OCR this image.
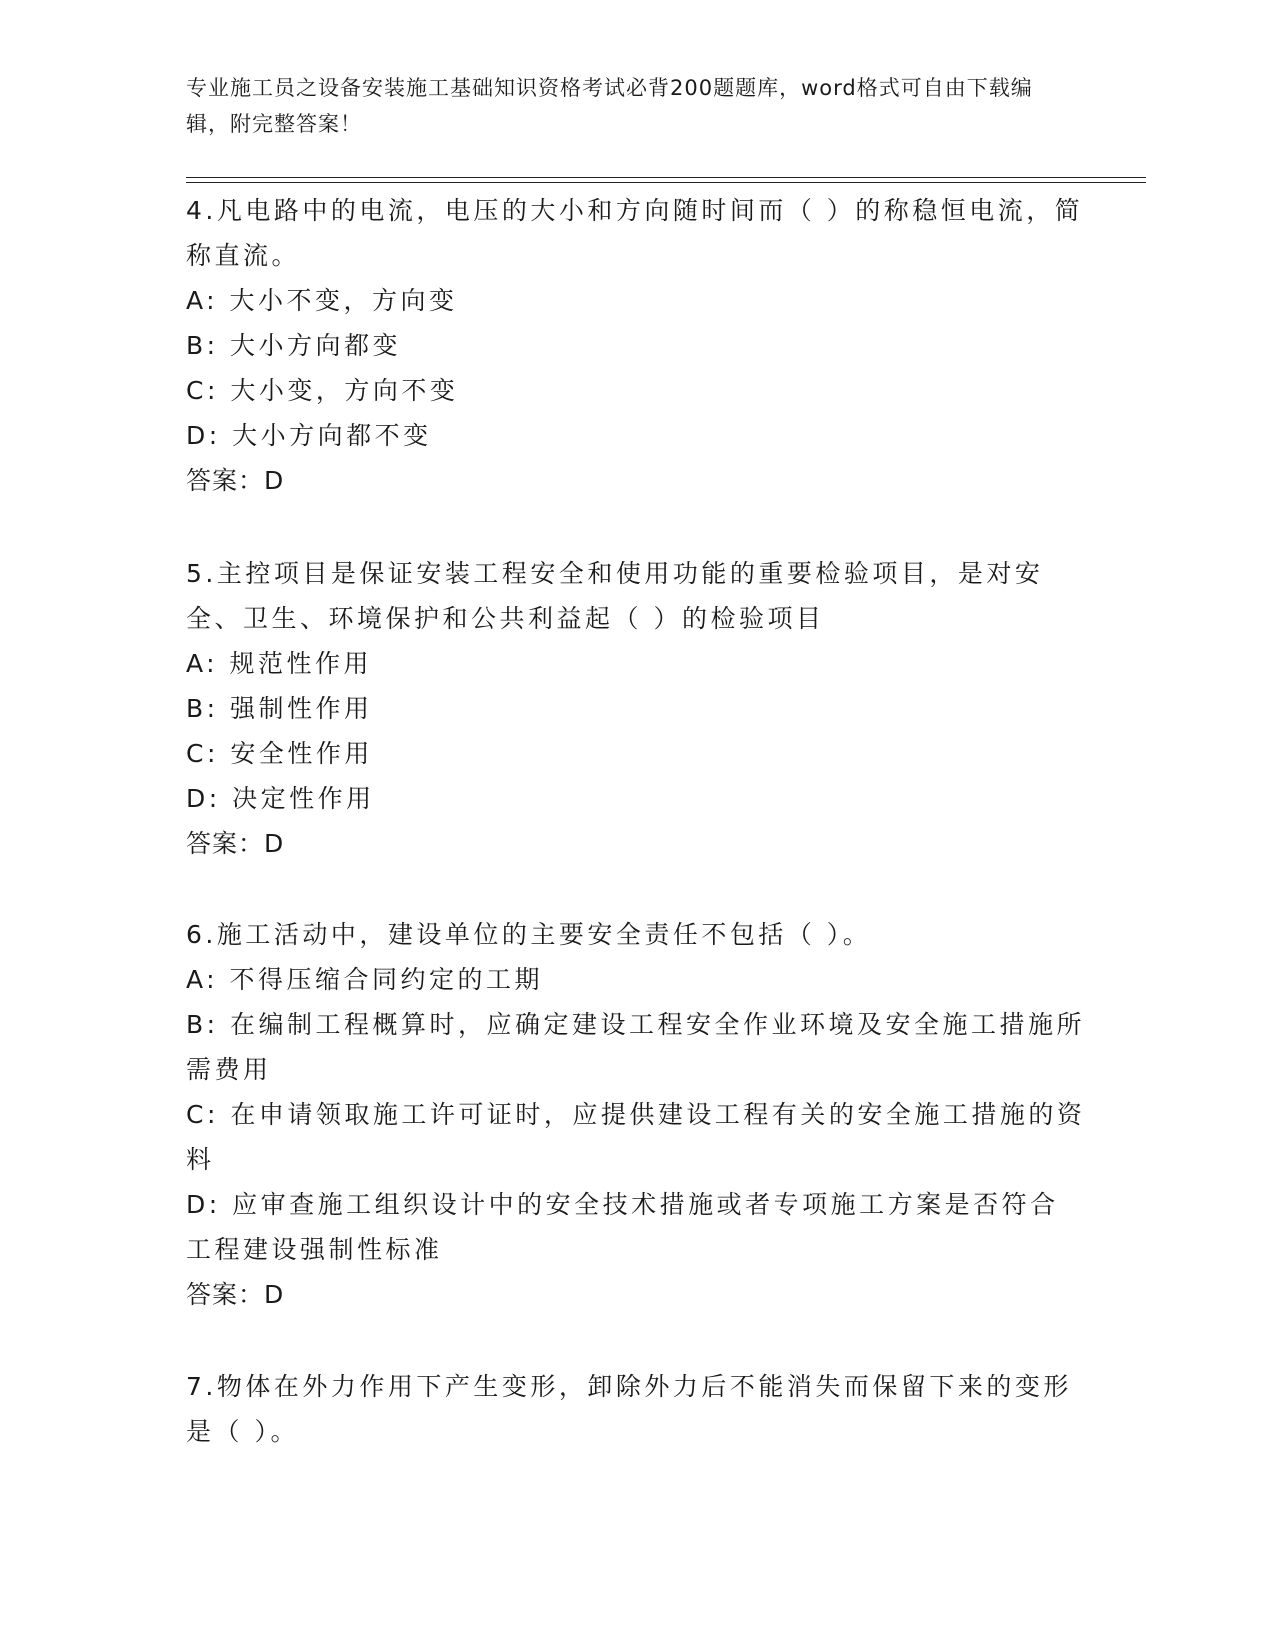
专业施工员之设备安装施工基础知识资格考试必背200题题库，word格式可自由下载编辑，附完整答案！
4.凡电路中的电流，电压的大小和方向随时间而（ ）的称稳恒电流，简称直流。
A: 大小不变，方向变
B: 大小方向都变
C: 大小变，方向不变
D: 大小方向都不变
答案：D
5.主控项目是保证安装工程安全和使用功能的重要检验项目，是对安全、卫生、环境保护和公共利益起（ ）的检验项目
A: 规范性作用
B: 强制性作用
C: 安全性作用
D: 决定性作用
答案：D
6.施工活动中，建设单位的主要安全责任不包括（ ）。
A: 不得压缩合同约定的工期
B: 在编制工程概算时，应确定建设工程安全作业环境及安全施工措施所需费用
C: 在申请领取施工许可证时，应提供建设工程有关的安全施工措施的资料
D: 应审查施工组织设计中的安全技术措施或者专项施工方案是否符合工程建设强制性标准
答案：D
7.物体在外力作用下产生变形，卸除外力后不能消失而保留下来的变形是（ ）。
